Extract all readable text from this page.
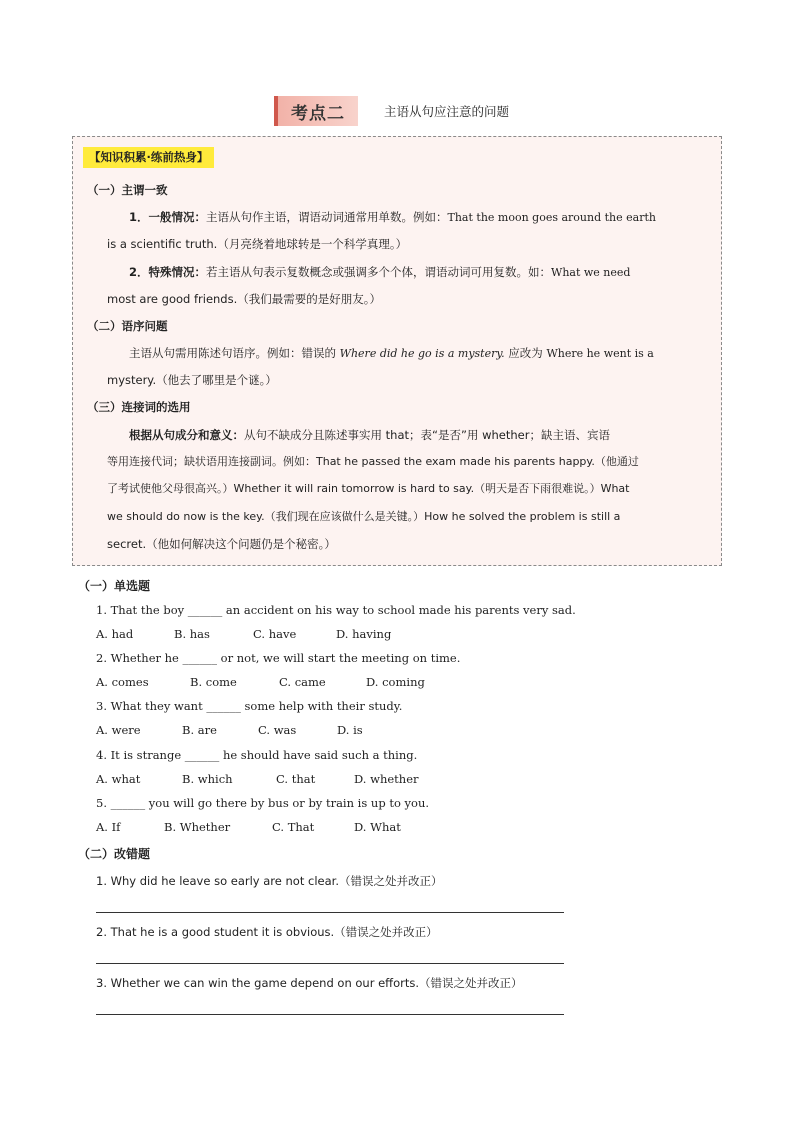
考点二	主语从句应注意的问题
【知识积累·练前热身】
（一）主谓一致
1．一般情况：主语从句作主语，谓语动词通常用单数。例如：That the moon goes around the earth
is a scientific truth.（月亮绕着地球转是一个科学真理。）
2．特殊情况：若主语从句表示复数概念或强调多个个体，谓语动词可用复数。如：What we need
most are good friends.（我们最需要的是好朋友。）
（二）语序问题
主语从句需用陈述句语序。例如：错误的 Where did he go is a mystery. 应改为 Where he went is a
mystery.（他去了哪里是个谜。）
（三）连接词的选用
根据从句成分和意义：从句不缺成分且陈述事实用 that；表“是否”用 whether；缺主语、宾语
等用连接代词；缺状语用连接副词。例如：That he passed the exam made his parents happy.（他通过
了考试使他父母很高兴。）Whether it will rain tomorrow is hard to say.（明天是否下雨很难说。）What
we should do now is the key.（我们现在应该做什么是关键。）How he solved the problem is still a
secret.（他如何解决这个问题仍是个秘密。）
（一）单选题
1. That the boy ______ an accident on his way to school made his parents very sad.
A. had	B. has	C. have	D. having
2. Whether he ______ or not, we will start the meeting on time.
A. comes	B. come	C. came	D. coming
3. What they want ______ some help with their study.
A. were	B. are	C. was	D. is
4. It is strange ______ he should have said such a thing.
A. what	B. which	C. that	D. whether
5. ______ you will go there by bus or by train is up to you.
A. If	B. Whether	C. That	D. What
（二）改错题
1. Why did he leave so early are not clear.（错误之处并改正）
2. That he is a good student it is obvious.（错误之处并改正）
3. Whether we can win the game depend on our efforts.（错误之处并改正）
